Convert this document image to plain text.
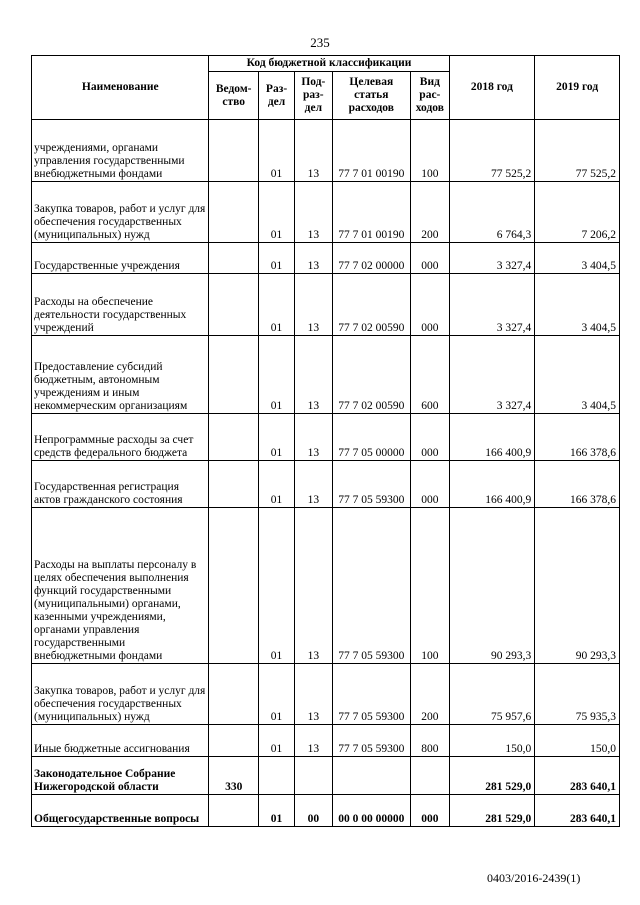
235
Наименование	Код бюджетной классификации					2018 год	2019 год
	Ведом-ство	Раз-дел	Под-раз-дел	Целевая статья расходов	Вид рас-ходов		
учреждениями, органами управления государственными внебюджетными фондами		01	13	77 7 01 00190	100	77 525,2	77 525,2
Закупка товаров, работ и услуг для обеспечения государственных (муниципальных) нужд		01	13	77 7 01 00190	200	6 764,3	7 206,2
Государственные учреждения		01	13	77 7 02 00000	000	3 327,4	3 404,5
Расходы на обеспечение деятельности государственных учреждений		01	13	77 7 02 00590	000	3 327,4	3 404,5
Предоставление субсидий бюджетным, автономным учреждениям и иным некоммерческим организациям		01	13	77 7 02 00590	600	3 327,4	3 404,5
Непрограммные расходы за счет средств федерального бюджета		01	13	77 7 05 00000	000	166 400,9	166 378,6
Государственная регистрация актов гражданского состояния		01	13	77 7 05 59300	000	166 400,9	166 378,6
Расходы на выплаты персоналу в целях обеспечения выполнения функций государственными (муниципальными) органами, казенными учреждениями, органами управления государственными внебюджетными фондами		01	13	77 7 05 59300	100	90 293,3	90 293,3
Закупка товаров, работ и услуг для обеспечения государственных (муниципальных) нужд		01	13	77 7 05 59300	200	75 957,6	75 935,3
Иные бюджетные ассигнования		01	13	77 7 05 59300	800	150,0	150,0
Законодательное Собрание Нижегородской области	330					281 529,0	283 640,1
Общегосударственные вопросы		01	00	00 0 00 00000	000	281 529,0	283 640,1
0403/2016-2439(1)
